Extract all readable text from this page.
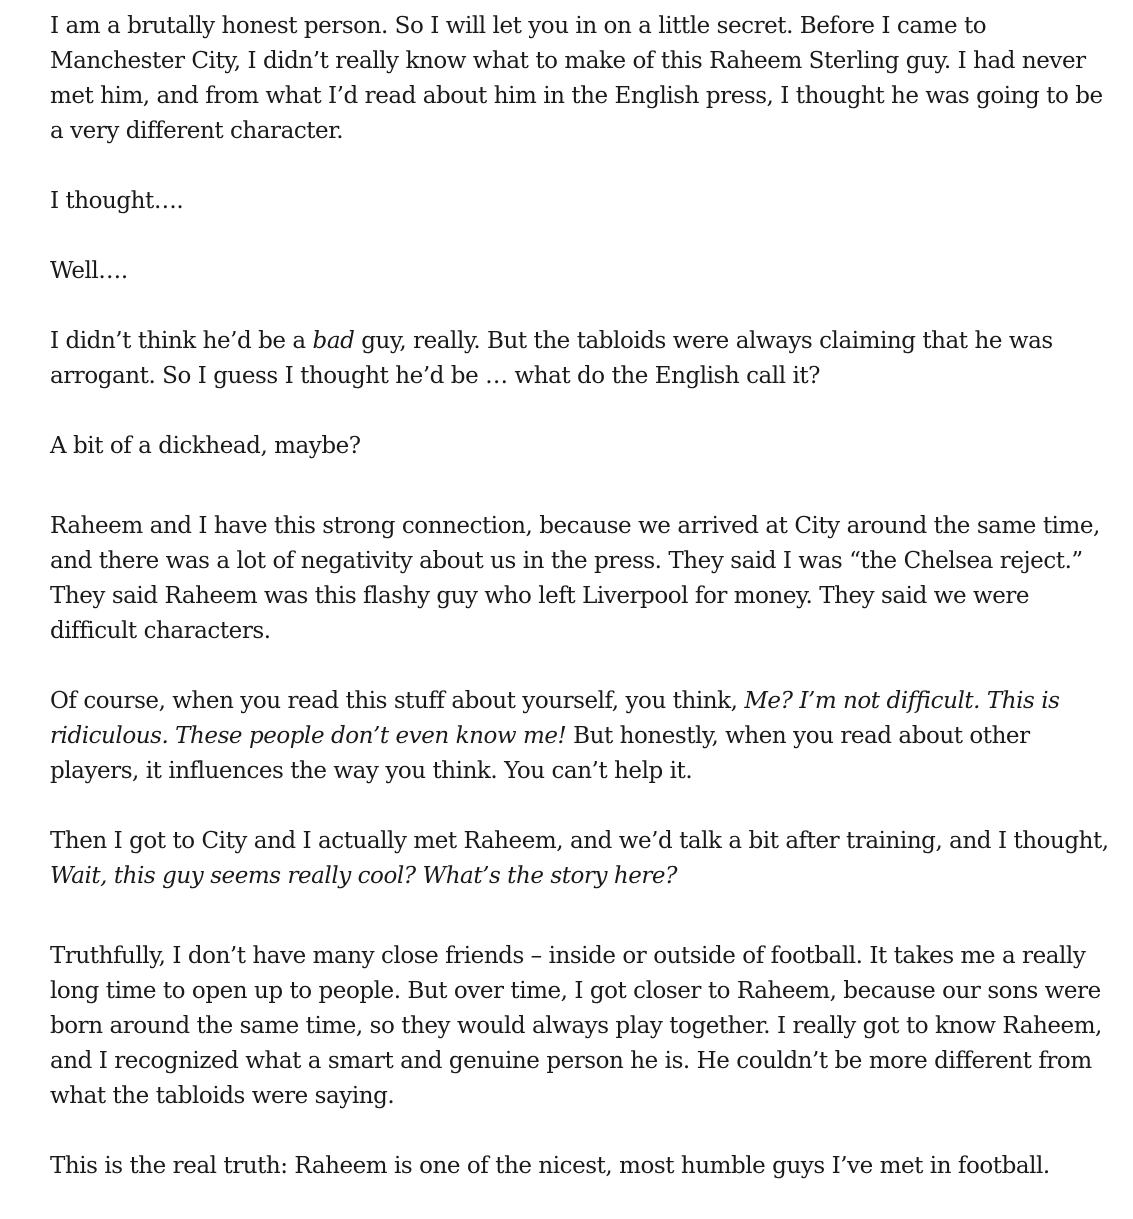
I am a brutally honest person. So I will let you in on a little secret. Before I came to Manchester City, I didn’t really know what to make of this Raheem Sterling guy. I had never met him, and from what I’d read about him in the English press, I thought he was going to be a very different character.

I thought….

Well….

I didn’t think he’d be a bad guy, really. But the tabloids were always claiming that he was arrogant. So I guess I thought he’d be … what do the English call it?

A bit of a dickhead, maybe?

Raheem and I have this strong connection, because we arrived at City around the same time, and there was a lot of negativity about us in the press. They said I was “the Chelsea reject.” They said Raheem was this flashy guy who left Liverpool for money. They said we were difficult characters.

Of course, when you read this stuff about yourself, you think, Me? I’m not difficult. This is ridiculous. These people don’t even know me! But honestly, when you read about other players, it influences the way you think. You can’t help it.

Then I got to City and I actually met Raheem, and we’d talk a bit after training, and I thought, Wait, this guy seems really cool? What’s the story here?

Truthfully, I don’t have many close friends – inside or outside of football. It takes me a really long time to open up to people. But over time, I got closer to Raheem, because our sons were born around the same time, so they would always play together. I really got to know Raheem, and I recognized what a smart and genuine person he is. He couldn’t be more different from what the tabloids were saying.

This is the real truth: Raheem is one of the nicest, most humble guys I’ve met in football.
